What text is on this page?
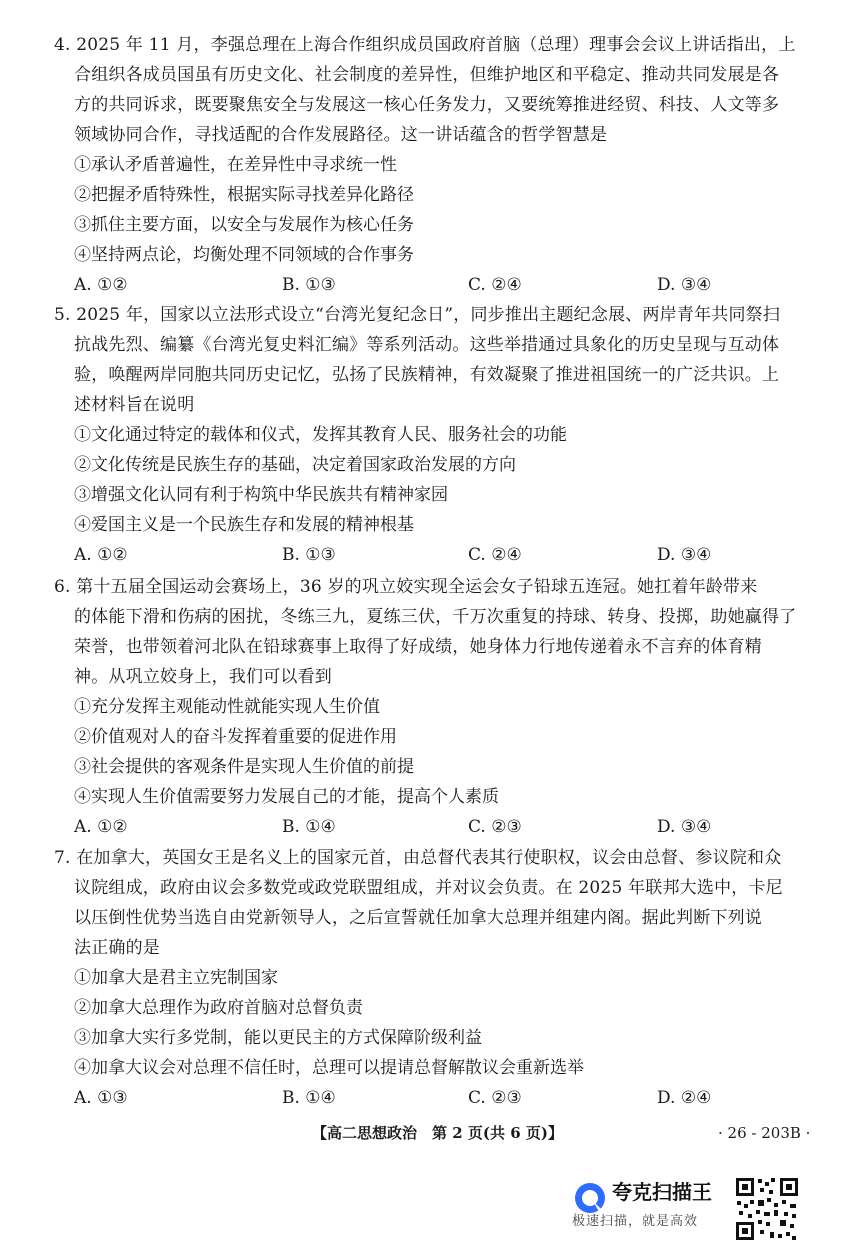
4. 2025 年 11 月，李强总理在上海合作组织成员国政府首脑（总理）理事会会议上讲话指出，上
合组织各成员国虽有历史文化、社会制度的差异性，但维护地区和平稳定、推动共同发展是各
方的共同诉求，既要聚焦安全与发展这一核心任务发力，又要统筹推进经贸、科技、人文等多
领域协同合作，寻找适配的合作发展路径。这一讲话蕴含的哲学智慧是
①承认矛盾普遍性，在差异性中寻求统一性
②把握矛盾特殊性，根据实际寻找差异化路径
③抓住主要方面，以安全与发展作为核心任务
④坚持两点论，均衡处理不同领域的合作事务
A. ①②	B. ①③	C. ②④	D. ③④
5. 2025 年，国家以立法形式设立“台湾光复纪念日”，同步推出主题纪念展、两岸青年共同祭扫
抗战先烈、编纂《台湾光复史料汇编》等系列活动。这些举措通过具象化的历史呈现与互动体
验，唤醒两岸同胞共同历史记忆，弘扬了民族精神，有效凝聚了推进祖国统一的广泛共识。上
述材料旨在说明
①文化通过特定的载体和仪式，发挥其教育人民、服务社会的功能
②文化传统是民族生存的基础，决定着国家政治发展的方向
③增强文化认同有利于构筑中华民族共有精神家园
④爱国主义是一个民族生存和发展的精神根基
A. ①②	B. ①③	C. ②④	D. ③④
6. 第十五届全国运动会赛场上，36 岁的巩立姣实现全运会女子铅球五连冠。她扛着年龄带来
的体能下滑和伤病的困扰，冬练三九，夏练三伏，千万次重复的持球、转身、投掷，助她赢得了
荣誉，也带领着河北队在铅球赛事上取得了好成绩，她身体力行地传递着永不言弃的体育精
神。从巩立姣身上，我们可以看到
①充分发挥主观能动性就能实现人生价值
②价值观对人的奋斗发挥着重要的促进作用
③社会提供的客观条件是实现人生价值的前提
④实现人生价值需要努力发展自己的才能，提高个人素质
A. ①②	B. ①④	C. ②③	D. ③④
7. 在加拿大，英国女王是名义上的国家元首，由总督代表其行使职权，议会由总督、参议院和众
议院组成，政府由议会多数党或政党联盟组成，并对议会负责。在 2025 年联邦大选中，卡尼
以压倒性优势当选自由党新领导人，之后宣誓就任加拿大总理并组建内阁。据此判断下列说
法正确的是
①加拿大是君主立宪制国家
②加拿大总理作为政府首脑对总督负责
③加拿大实行多党制，能以更民主的方式保障阶级利益
④加拿大议会对总理不信任时，总理可以提请总督解散议会重新选举
A. ①③	B. ①④	C. ②③	D. ②④
【高二思想政治　第 2 页(共 6 页)】	· 26 - 203B ·
夸克扫描王
极速扫描，就是高效
